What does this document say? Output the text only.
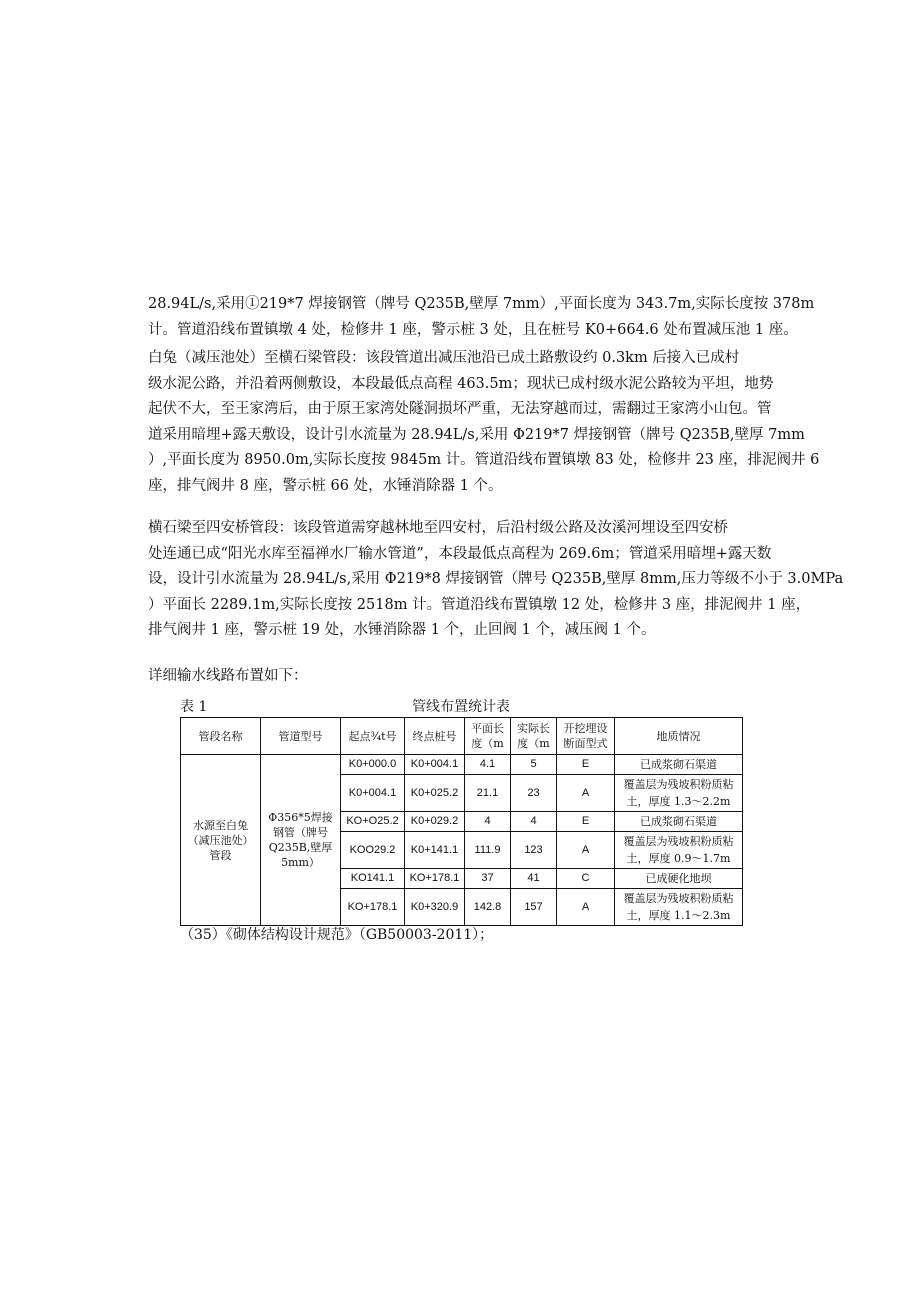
28.94L/s,采用①219*7 焊接钢管（牌号 Q235B,壁厚 7mm）,平面长度为 343.7m,实际长度按 378m
计。管道沿线布置镇墩 4 处，检修井 1 座，警示桩 3 处，且在桩号 K0+664.6 处布置减压池 1 座。
白兔（减压池处）至横石梁管段：该段管道出减压池沿已成土路敷设约 0.3km 后接入已成村
级水泥公路，并沿着两侧敷设，本段最低点高程 463.5m；现状已成村级水泥公路较为平坦，地势
起伏不大，至王家湾后，由于原王家湾处隧洞损坏严重，无法穿越而过，需翻过王家湾小山包。管
道采用暗埋+露天敷设，设计引水流量为 28.94L/s,采用 Φ219*7 焊接钢管（牌号 Q235B,壁厚 7mm
）,平面长度为 8950.0m,实际长度按 9845m 计。管道沿线布置镇墩 83 处，检修井 23 座，排泥阀井 6
座，排气阀井 8 座，警示桩 66 处，水锤消除器 1 个。
横石梁至四安桥管段：该段管道需穿越林地至四安村，后沿村级公路及汝溪河埋设至四安桥
处连通已成“阳光水库至福禅水厂输水管道”，本段最低点高程为 269.6m；管道采用暗埋+露天数
设，设计引水流量为 28.94L/s,采用 Φ219*8 焊接钢管（牌号 Q235B,壁厚 8mm,压力等级不小于 3.0MPa
）平面长 2289.1m,实际长度按 2518m 计。管道沿线布置镇墩 12 处，检修井 3 座，排泥阀井 1 座，
排气阀井 1 座，警示桩 19 处，水锤消除器 1 个，止回阀 1 个，减压阀 1 个。
详细输水线路布置如下：
表 1	管线布置统计表
管段名称	管道型号	起点¾t号	终点桩号	平面长度（m	实际长度（m	开挖埋设断面型式	地质情况
水源至白兔（减压池处）管段	Φ356*5焊接钢管（牌号Q235B,壁厚5mm）	K0+000.0	K0+004.1	4.1	5	E	已成浆砌石渠道
		K0+004.1	K0+025.2	21.1	23	A	覆盖层为残坡积粉质粘土，厚度 1.3～2.2m
		KO+O25.2	K0+029.2	4	4	E	已成浆砌石渠道
		KOO29.2	K0+141.1	111.9	123	A	覆盖层为残坡积粉质粘土，厚度 0.9～1.7m
		KO141.1	KO+178.1	37	41	C	已成硬化地坝
		KO+178.1	K0+320.9	142.8	157	A	覆盖层为残坡积粉质粘土，厚度 1.1～2.3m
（35）《砌体结构设计规范》（GB50003-2011）；
